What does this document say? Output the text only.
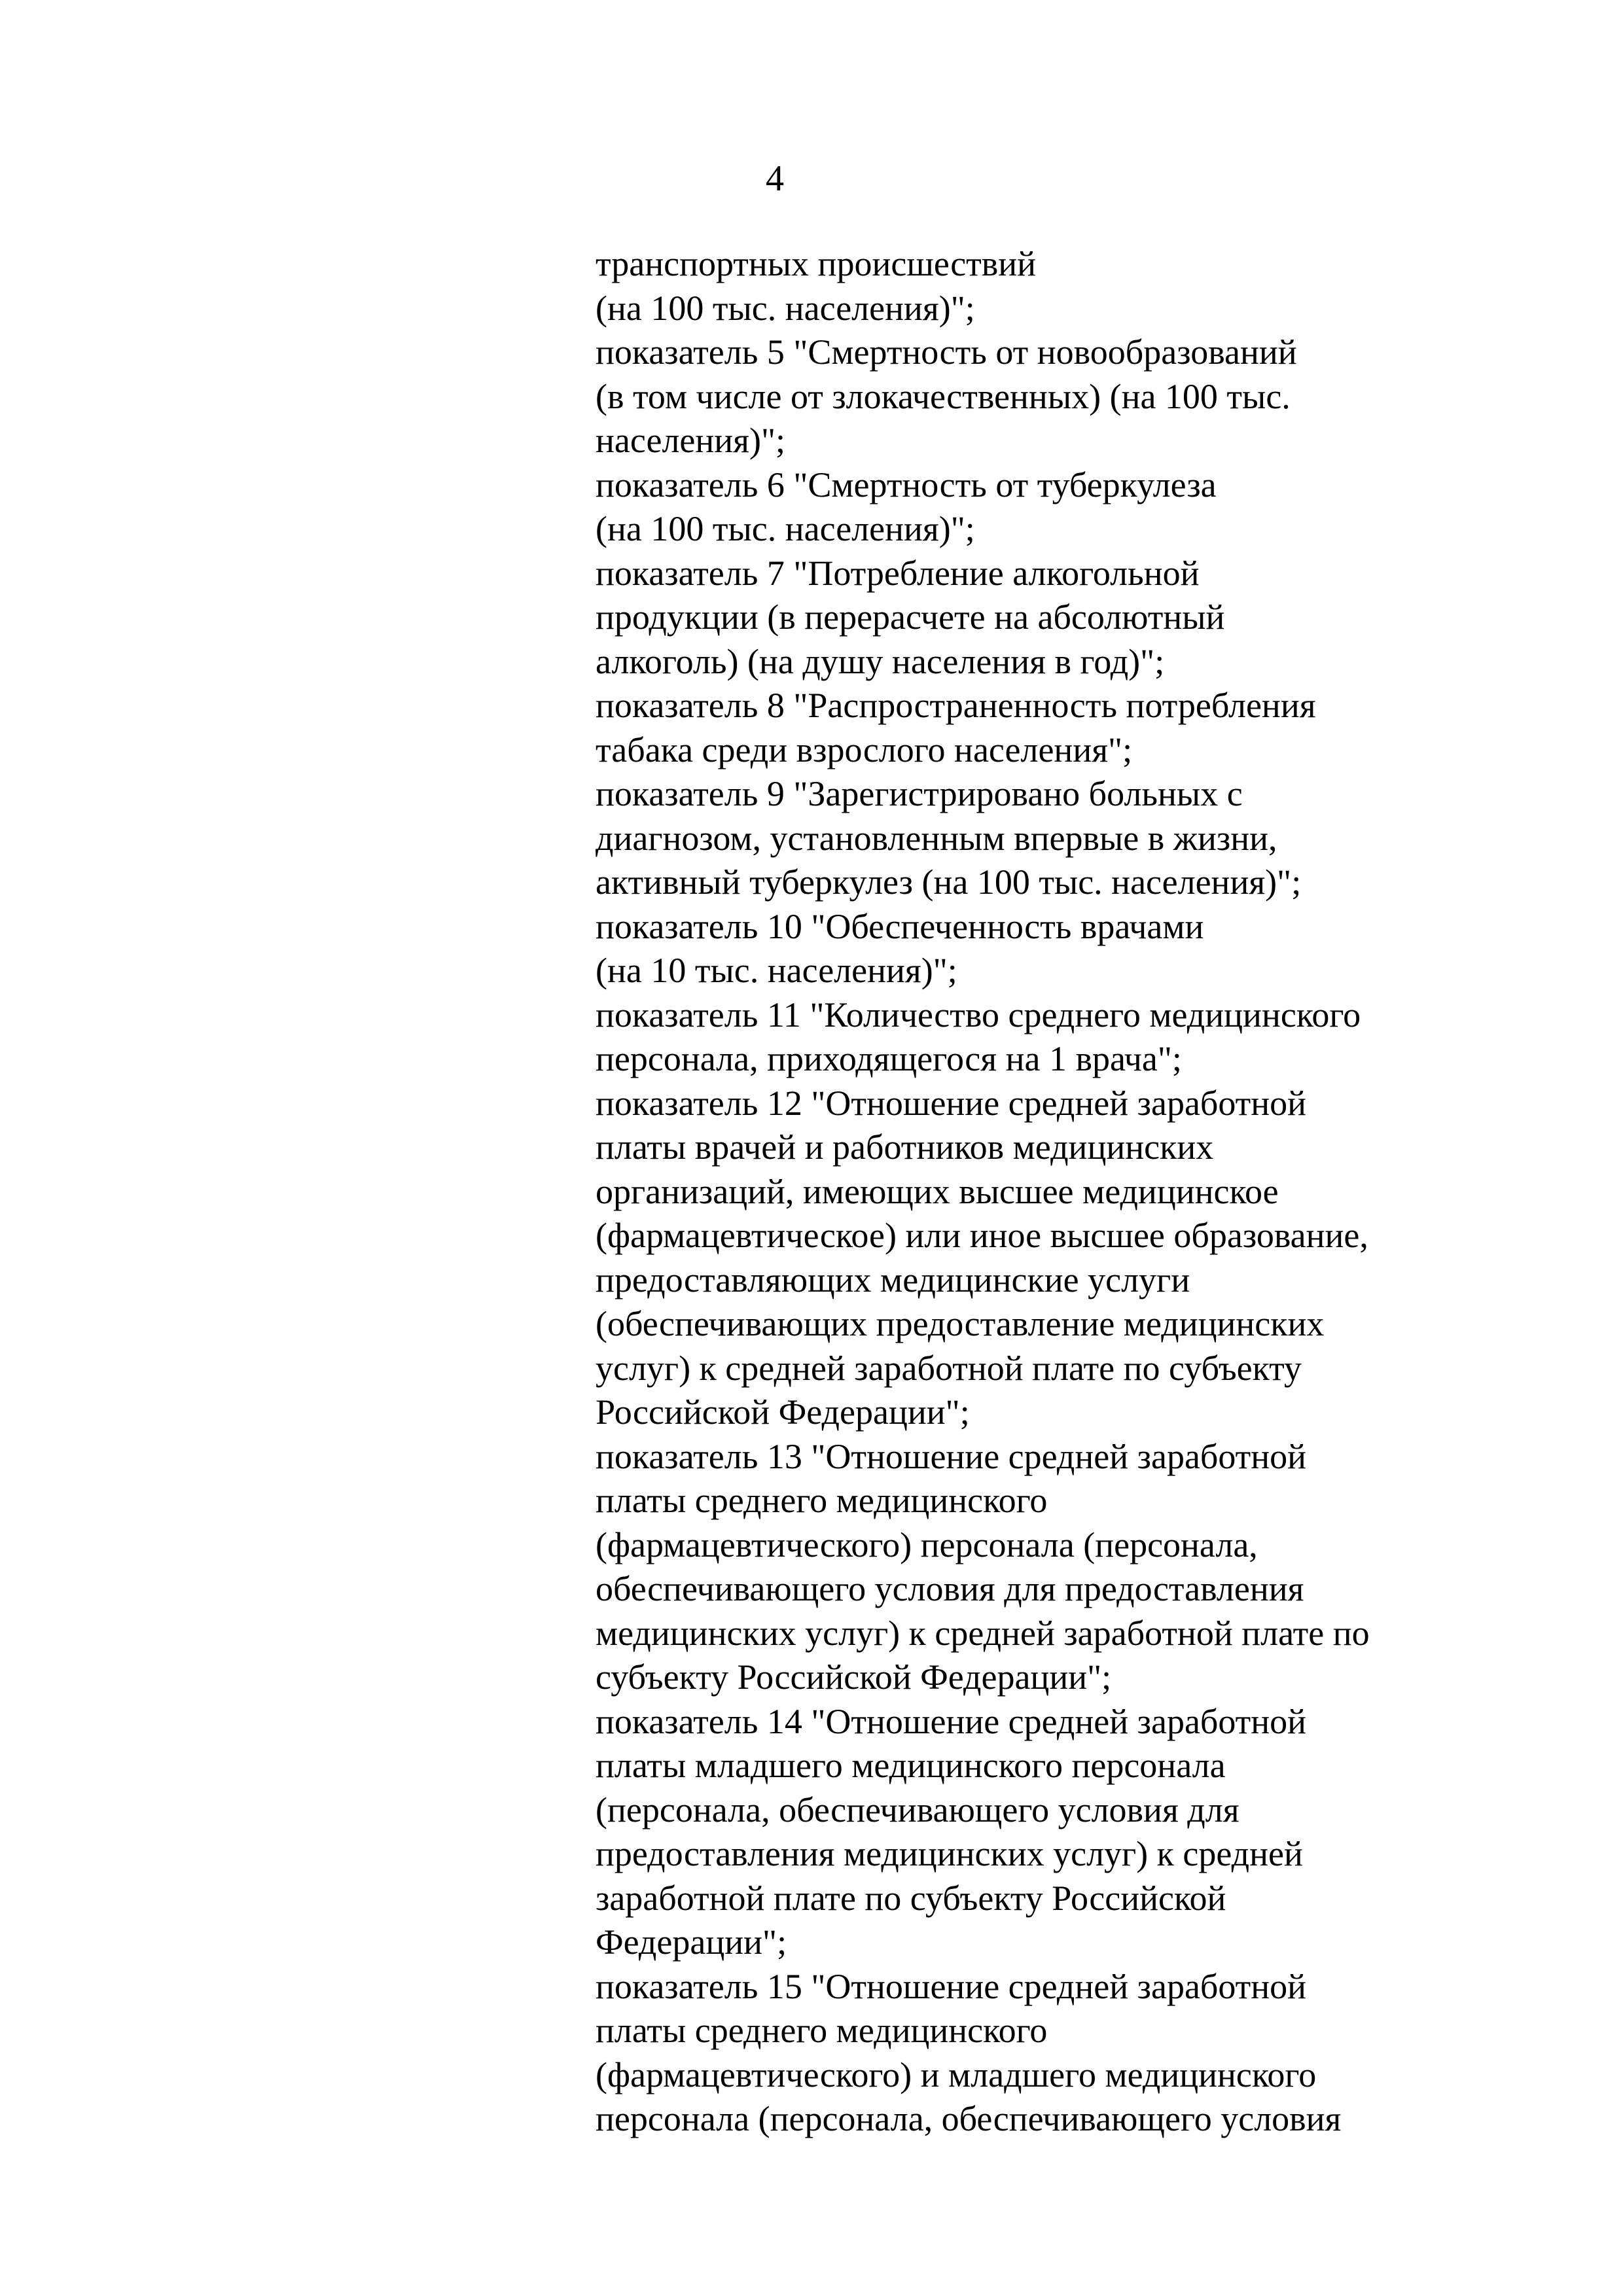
4
транспортных происшествий
(на 100 тыс. населения)";
показатель 5 "Смертность от новообразований
(в том числе от злокачественных) (на 100 тыс.
населения)";
показатель 6 "Смертность от туберкулеза
(на 100 тыс. населения)";
показатель 7 "Потребление алкогольной
продукции (в перерасчете на абсолютный
алкоголь) (на душу населения в год)";
показатель 8 "Распространенность потребления
табака среди взрослого населения";
показатель 9 "Зарегистрировано больных с
диагнозом, установленным впервые в жизни,
активный туберкулез (на 100 тыс. населения)";
показатель 10 "Обеспеченность врачами
(на 10 тыс. населения)";
показатель 11 "Количество среднего медицинского
персонала, приходящегося на 1 врача";
показатель 12 "Отношение средней заработной
платы врачей и работников медицинских
организаций, имеющих высшее медицинское
(фармацевтическое) или иное высшее образование,
предоставляющих медицинские услуги
(обеспечивающих предоставление медицинских
услуг) к средней заработной плате по субъекту
Российской Федерации";
показатель 13 "Отношение средней заработной
платы среднего медицинского
(фармацевтического) персонала (персонала,
обеспечивающего условия для предоставления
медицинских услуг) к средней заработной плате по
субъекту Российской Федерации";
показатель 14 "Отношение средней заработной
платы младшего медицинского персонала
(персонала, обеспечивающего условия для
предоставления медицинских услуг) к средней
заработной плате по субъекту Российской
Федерации";
показатель 15 "Отношение средней заработной
платы среднего медицинского
(фармацевтического) и младшего медицинского
персонала (персонала, обеспечивающего условия
